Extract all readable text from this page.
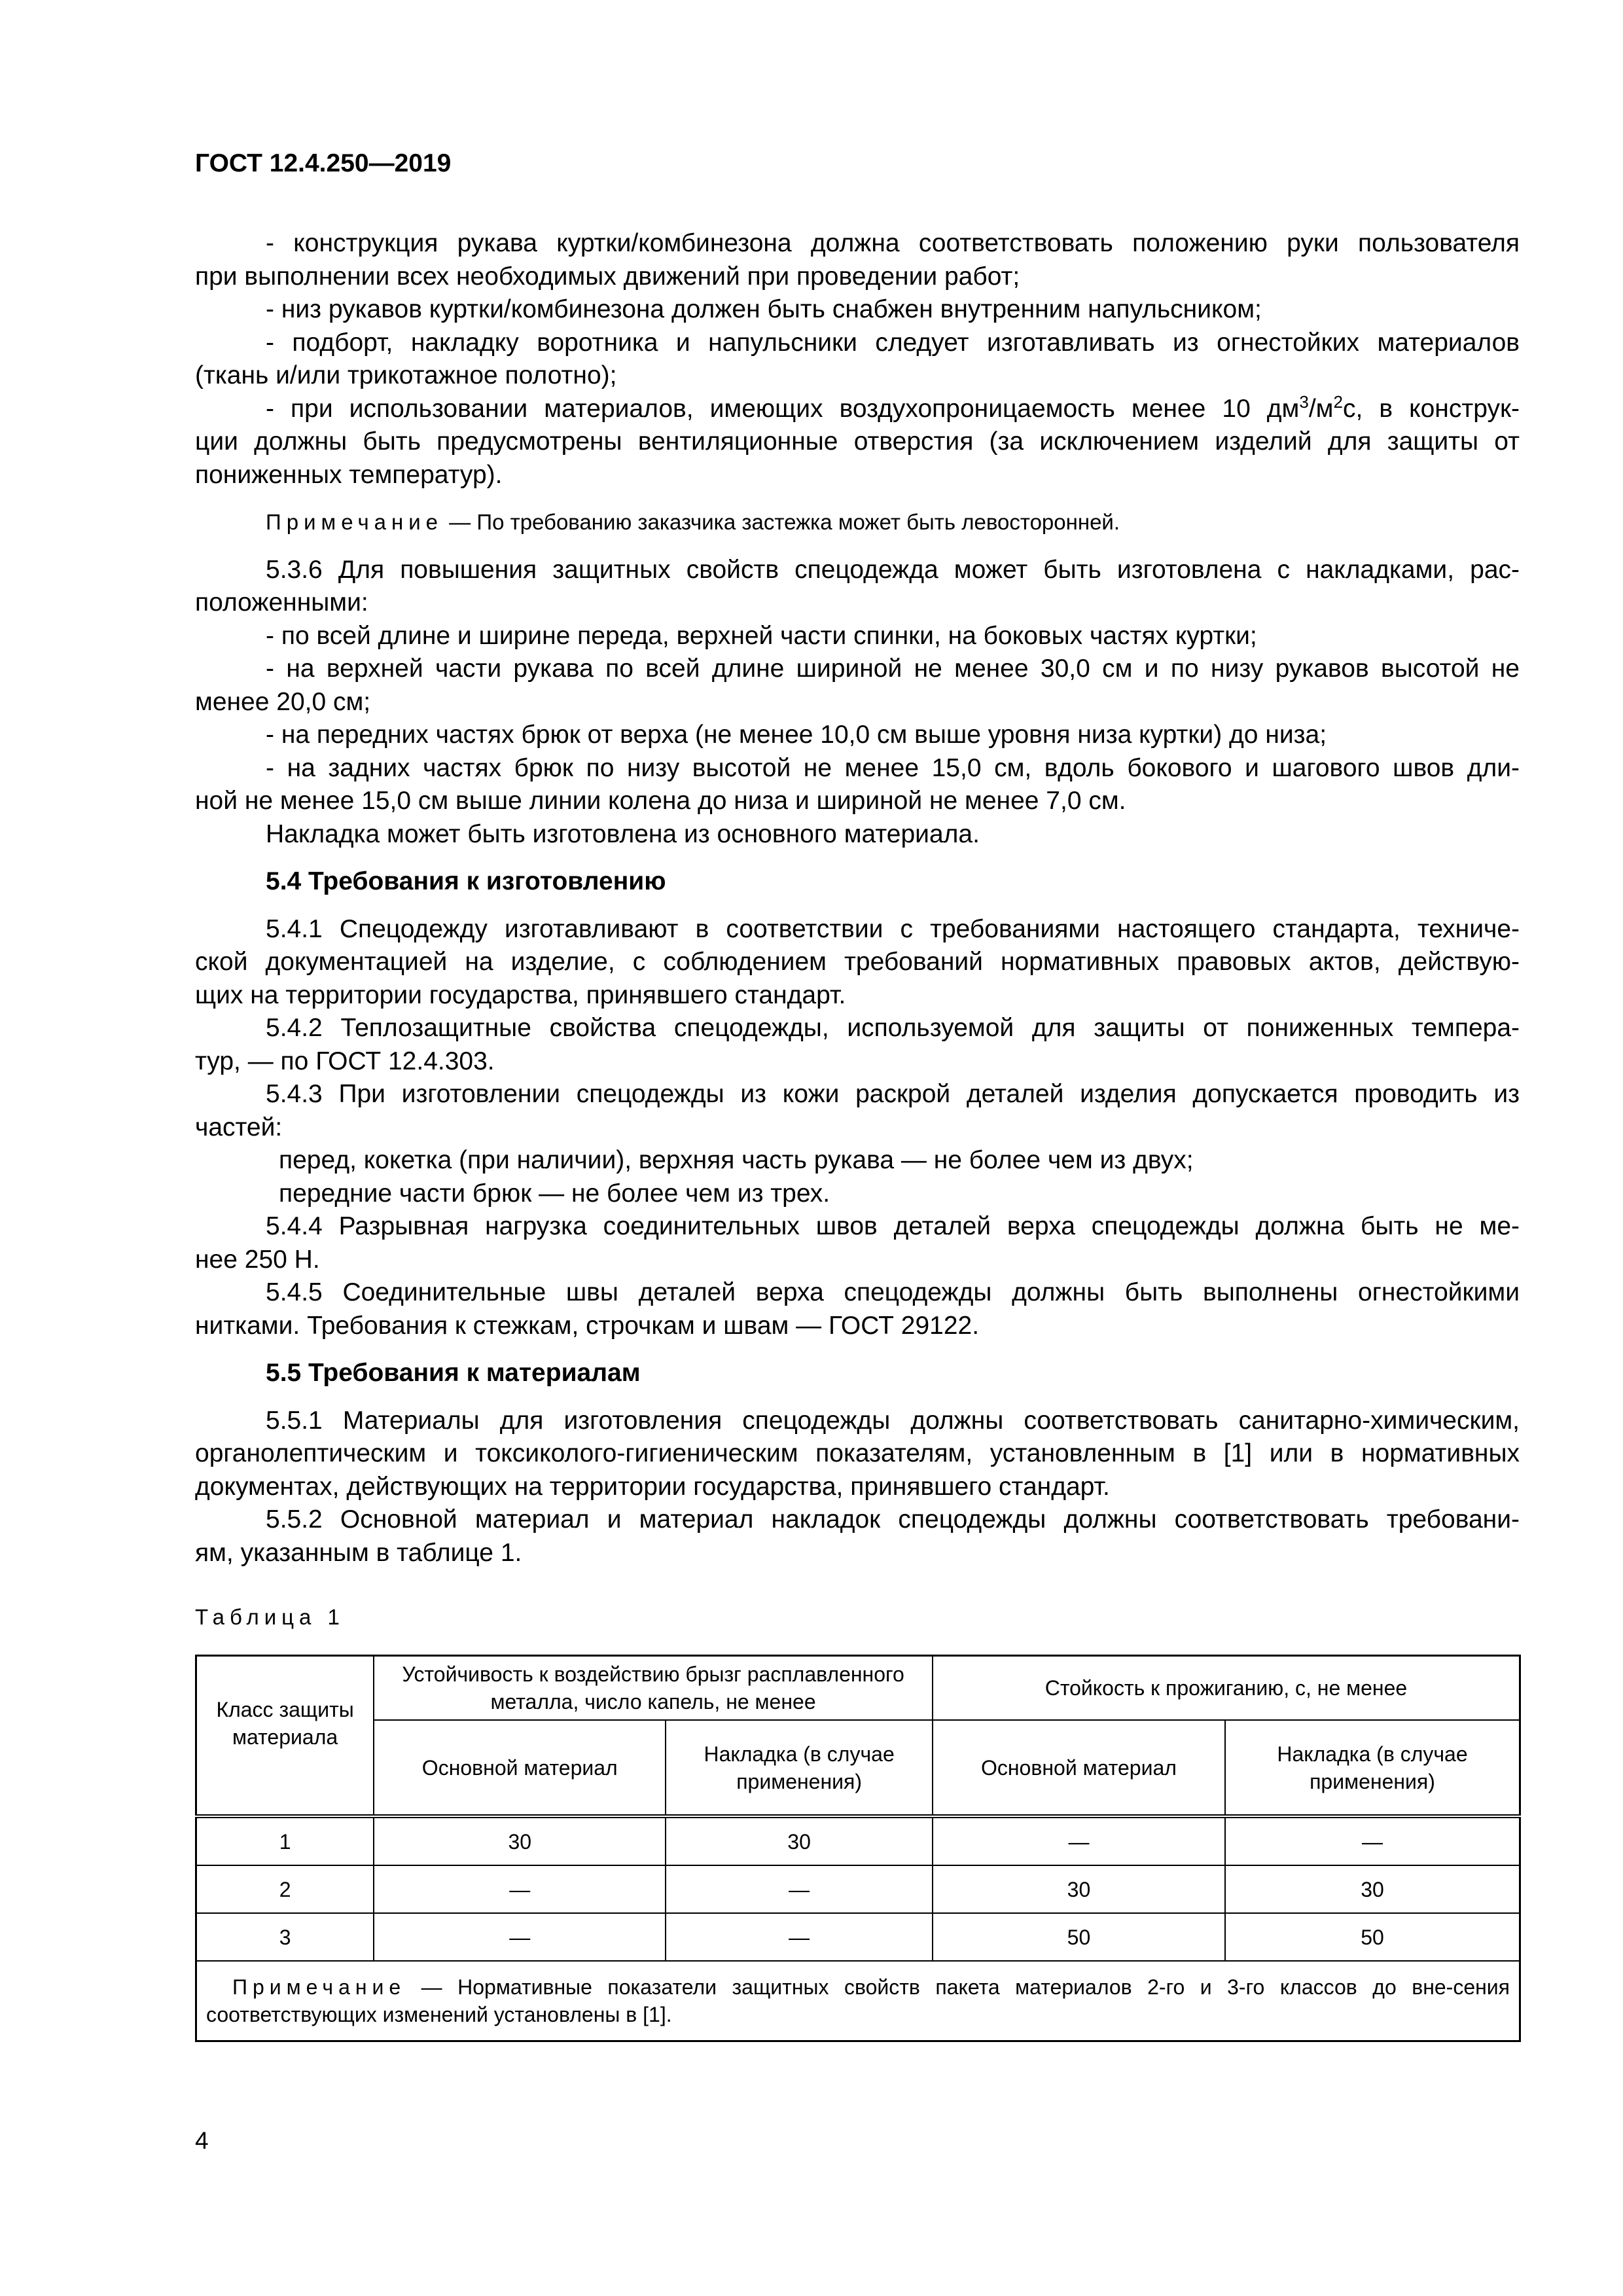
ГОСТ 12.4.250—2019
- конструкция рукава куртки/комбинезона должна соответствовать положению руки пользователя
при выполнении всех необходимых движений при проведении работ;
- низ рукавов куртки/комбинезона должен быть снабжен внутренним напульсником;
- подборт, накладку воротника и напульсники следует изготавливать из огнестойких материалов
(ткань и/или трикотажное полотно);
- при использовании материалов, имеющих воздухопроницаемость менее 10 $дм^3/м^2с$, в конструк-
ции должны быть предусмотрены вентиляционные отверстия (за исключением изделий для защиты от
пониженных температур).
Примечание — По требованию заказчика застежка может быть левосторонней.
5.3.6 Для повышения защитных свойств спецодежда может быть изготовлена с накладками, рас-
положенными:
- по всей длине и ширине переда, верхней части спинки, на боковых частях куртки;
- на верхней части рукава по всей длине шириной не менее 30,0 см и по низу рукавов высотой не
менее 20,0 см;
- на передних частях брюк от верха (не менее 10,0 см выше уровня низа куртки) до низа;
- на задних частях брюк по низу высотой не менее 15,0 см, вдоль бокового и шагового швов дли-
ной не менее 15,0 см выше линии колена до низа и шириной не менее 7,0 см.
Накладка может быть изготовлена из основного материала.
5.4 Требования к изготовлению
5.4.1 Спецодежду изготавливают в соответствии с требованиями настоящего стандарта, техниче-
ской документацией на изделие, с соблюдением требований нормативных правовых актов, действую-
щих на территории государства, принявшего стандарт.
5.4.2 Теплозащитные свойства спецодежды, используемой для защиты от пониженных темпера-
тур, — по ГОСТ 12.4.303.
5.4.3 При изготовлении спецодежды из кожи раскрой деталей изделия допускается проводить из
частей:
перед, кокетка (при наличии), верхняя часть рукава — не более чем из двух;
передние части брюк — не более чем из трех.
5.4.4 Разрывная нагрузка соединительных швов деталей верха спецодежды должна быть не ме-
нее 250 Н.
5.4.5 Соединительные швы деталей верха спецодежды должны быть выполнены огнестойкими
нитками. Требования к стежкам, строчкам и швам — ГОСТ 29122.
5.5 Требования к материалам
5.5.1 Материалы для изготовления спецодежды должны соответствовать санитарно-химическим,
органолептическим и токсиколого-гигиеническим показателям, установленным в [1] или в нормативных
документах, действующих на территории государства, принявшего стандарт.
5.5.2 Основной материал и материал накладок спецодежды должны соответствовать требовани-
ям, указанным в таблице 1.
Таблица 1
Класс защиты материала	Устойчивость к воздействию брызг расплавленного металла, число капель, не менее		Стойкость к прожиганию, с, не менее	
	Основной материал	Накладка (в случае применения)	Основной материал	Накладка (в случае применения)
1	30	30	—	—
2	—	—	30	30
3	—	—	50	50
Примечание — Нормативные показатели защитных свойств пакета материалов 2-го и 3-го классов до вне-сения соответствующих изменений установлены в [1].				
4
